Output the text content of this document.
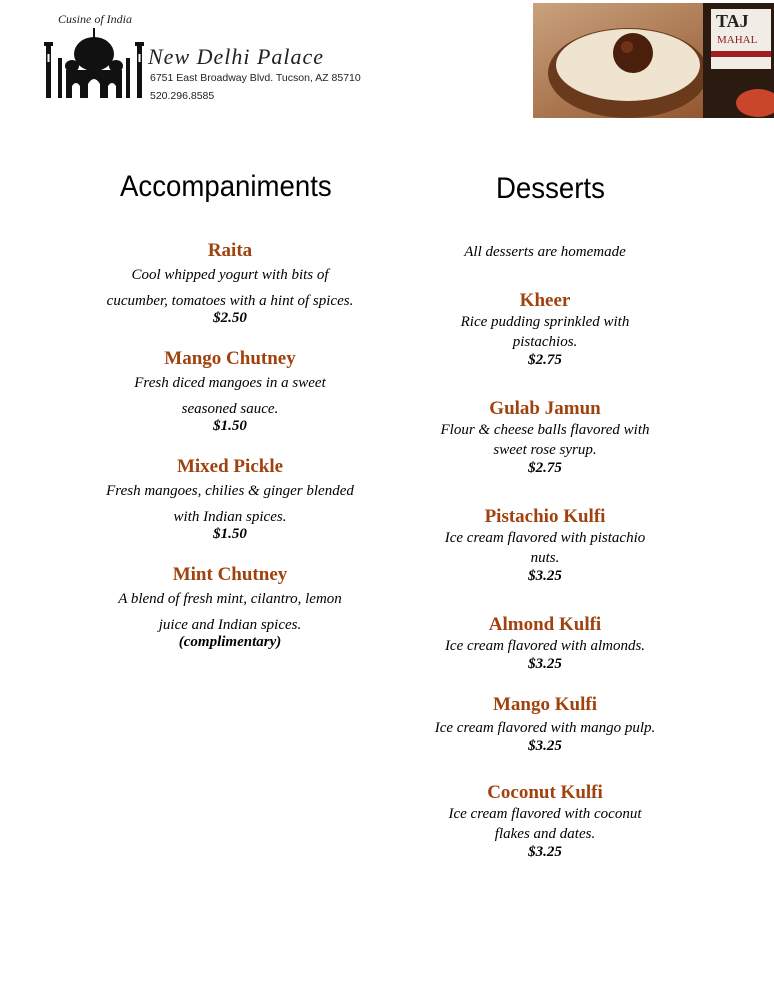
Cusine of India
New Delhi Palace
6751 East Broadway Blvd. Tucson, AZ 85710
520.296.8585
TAJ
MAHAL
Accompaniments
Raita
Cool whipped yogurt with bits of
cucumber, tomatoes with a hint of spices.
$2.50
Mango Chutney
Fresh diced mangoes in a sweet
seasoned sauce.
$1.50
Mixed Pickle
Fresh mangoes, chilies & ginger blended
with Indian spices.
$1.50
Mint Chutney
A blend of fresh mint, cilantro, lemon
juice and Indian spices.
(complimentary)
Desserts
All desserts are homemade
Kheer
Rice pudding sprinkled with
pistachios.
$2.75
Gulab Jamun
Flour & cheese balls flavored with
sweet rose syrup.
$2.75
Pistachio Kulfi
Ice cream flavored with pistachio
nuts.
$3.25
Almond Kulfi
Ice cream flavored with almonds.
$3.25
Mango Kulfi
Ice cream flavored with mango pulp.
$3.25
Coconut Kulfi
Ice cream flavored with coconut
flakes and dates.
$3.25
